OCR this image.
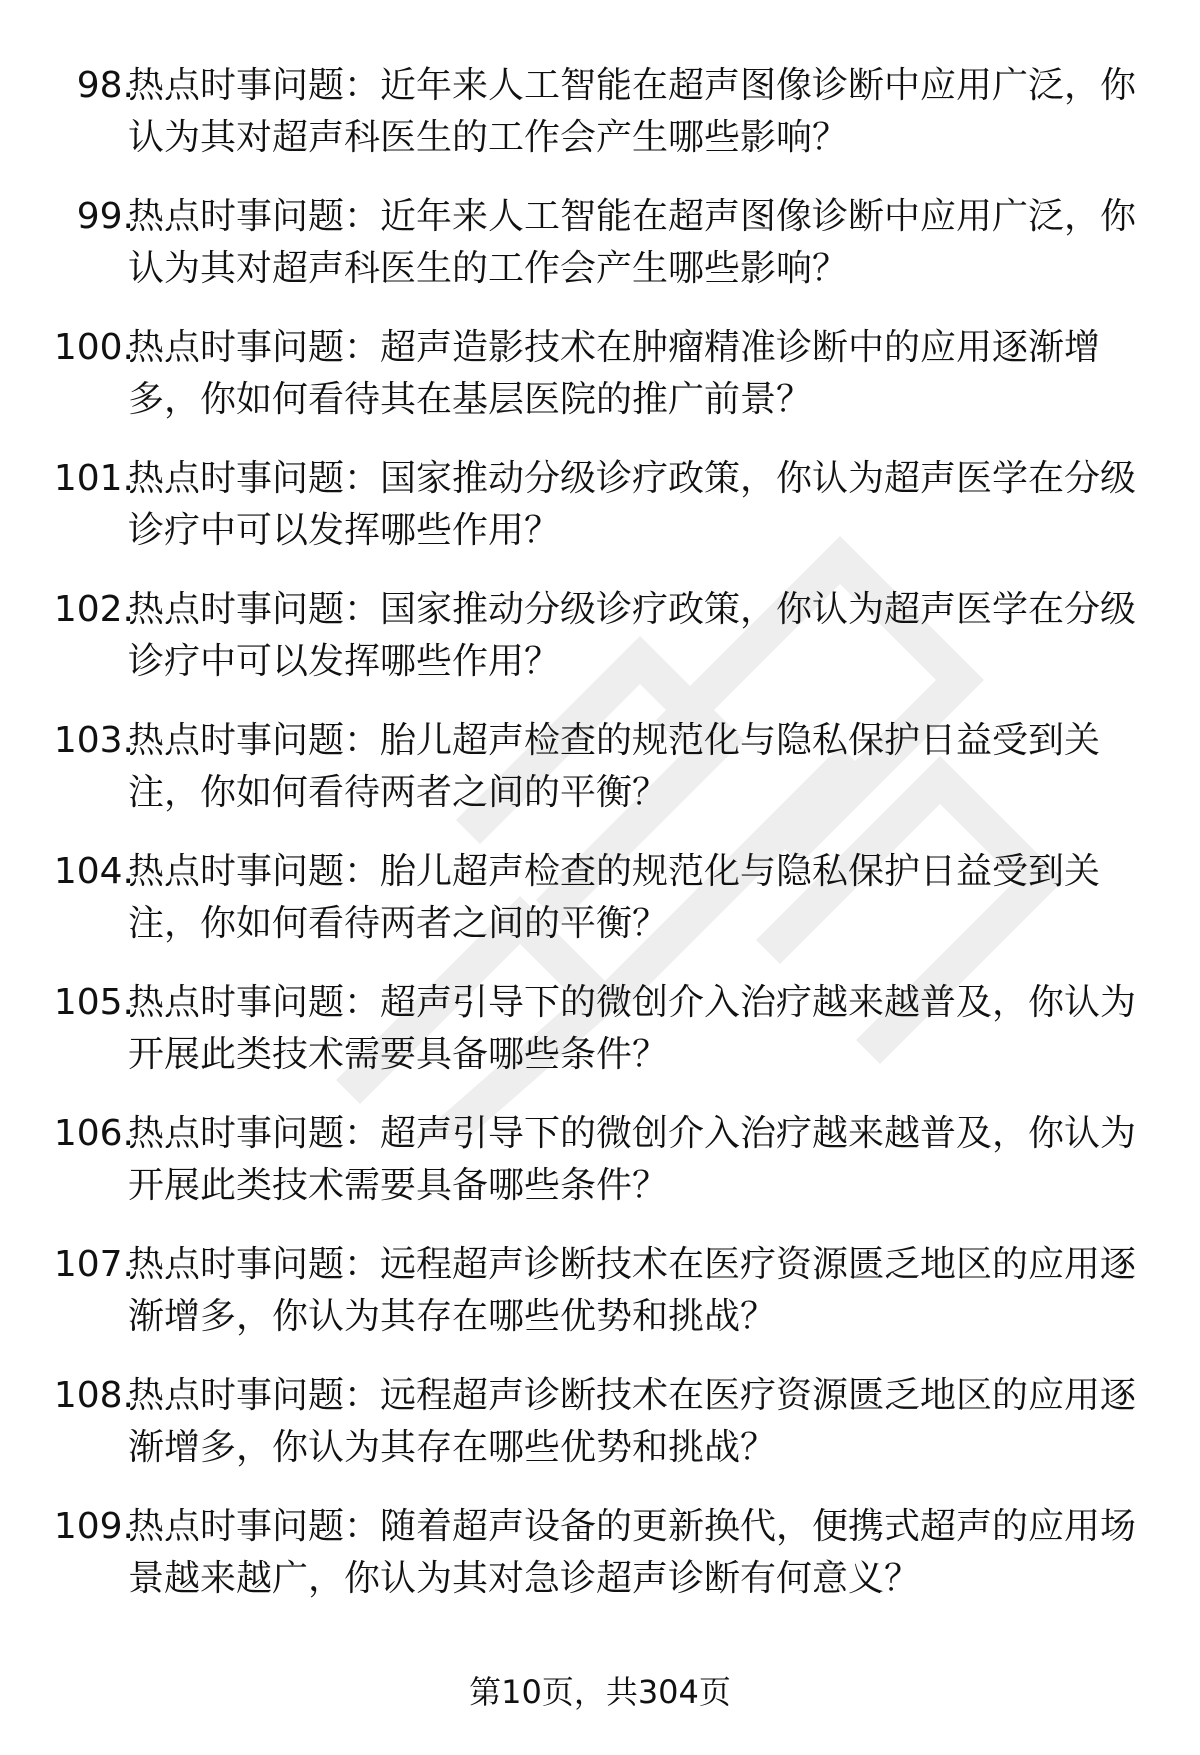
98.
热点时事问题：近年来人工智能在超声图像诊断中应用广泛，你
认为其对超声科医生的工作会产生哪些影响？
99.
热点时事问题：近年来人工智能在超声图像诊断中应用广泛，你
认为其对超声科医生的工作会产生哪些影响？
100.
热点时事问题：超声造影技术在肿瘤精准诊断中的应用逐渐增
多，你如何看待其在基层医院的推广前景？
101.
热点时事问题：国家推动分级诊疗政策，你认为超声医学在分级
诊疗中可以发挥哪些作用？
102.
热点时事问题：国家推动分级诊疗政策，你认为超声医学在分级
诊疗中可以发挥哪些作用？
103.
热点时事问题：胎儿超声检查的规范化与隐私保护日益受到关
注，你如何看待两者之间的平衡？
104.
热点时事问题：胎儿超声检查的规范化与隐私保护日益受到关
注，你如何看待两者之间的平衡？
105.
热点时事问题：超声引导下的微创介入治疗越来越普及，你认为
开展此类技术需要具备哪些条件？
106.
热点时事问题：超声引导下的微创介入治疗越来越普及，你认为
开展此类技术需要具备哪些条件？
107.
热点时事问题：远程超声诊断技术在医疗资源匮乏地区的应用逐
渐增多，你认为其存在哪些优势和挑战？
108.
热点时事问题：远程超声诊断技术在医疗资源匮乏地区的应用逐
渐增多，你认为其存在哪些优势和挑战？
109.
热点时事问题：随着超声设备的更新换代，便携式超声的应用场
景越来越广，你认为其对急诊超声诊断有何意义？
第10页，共304页
